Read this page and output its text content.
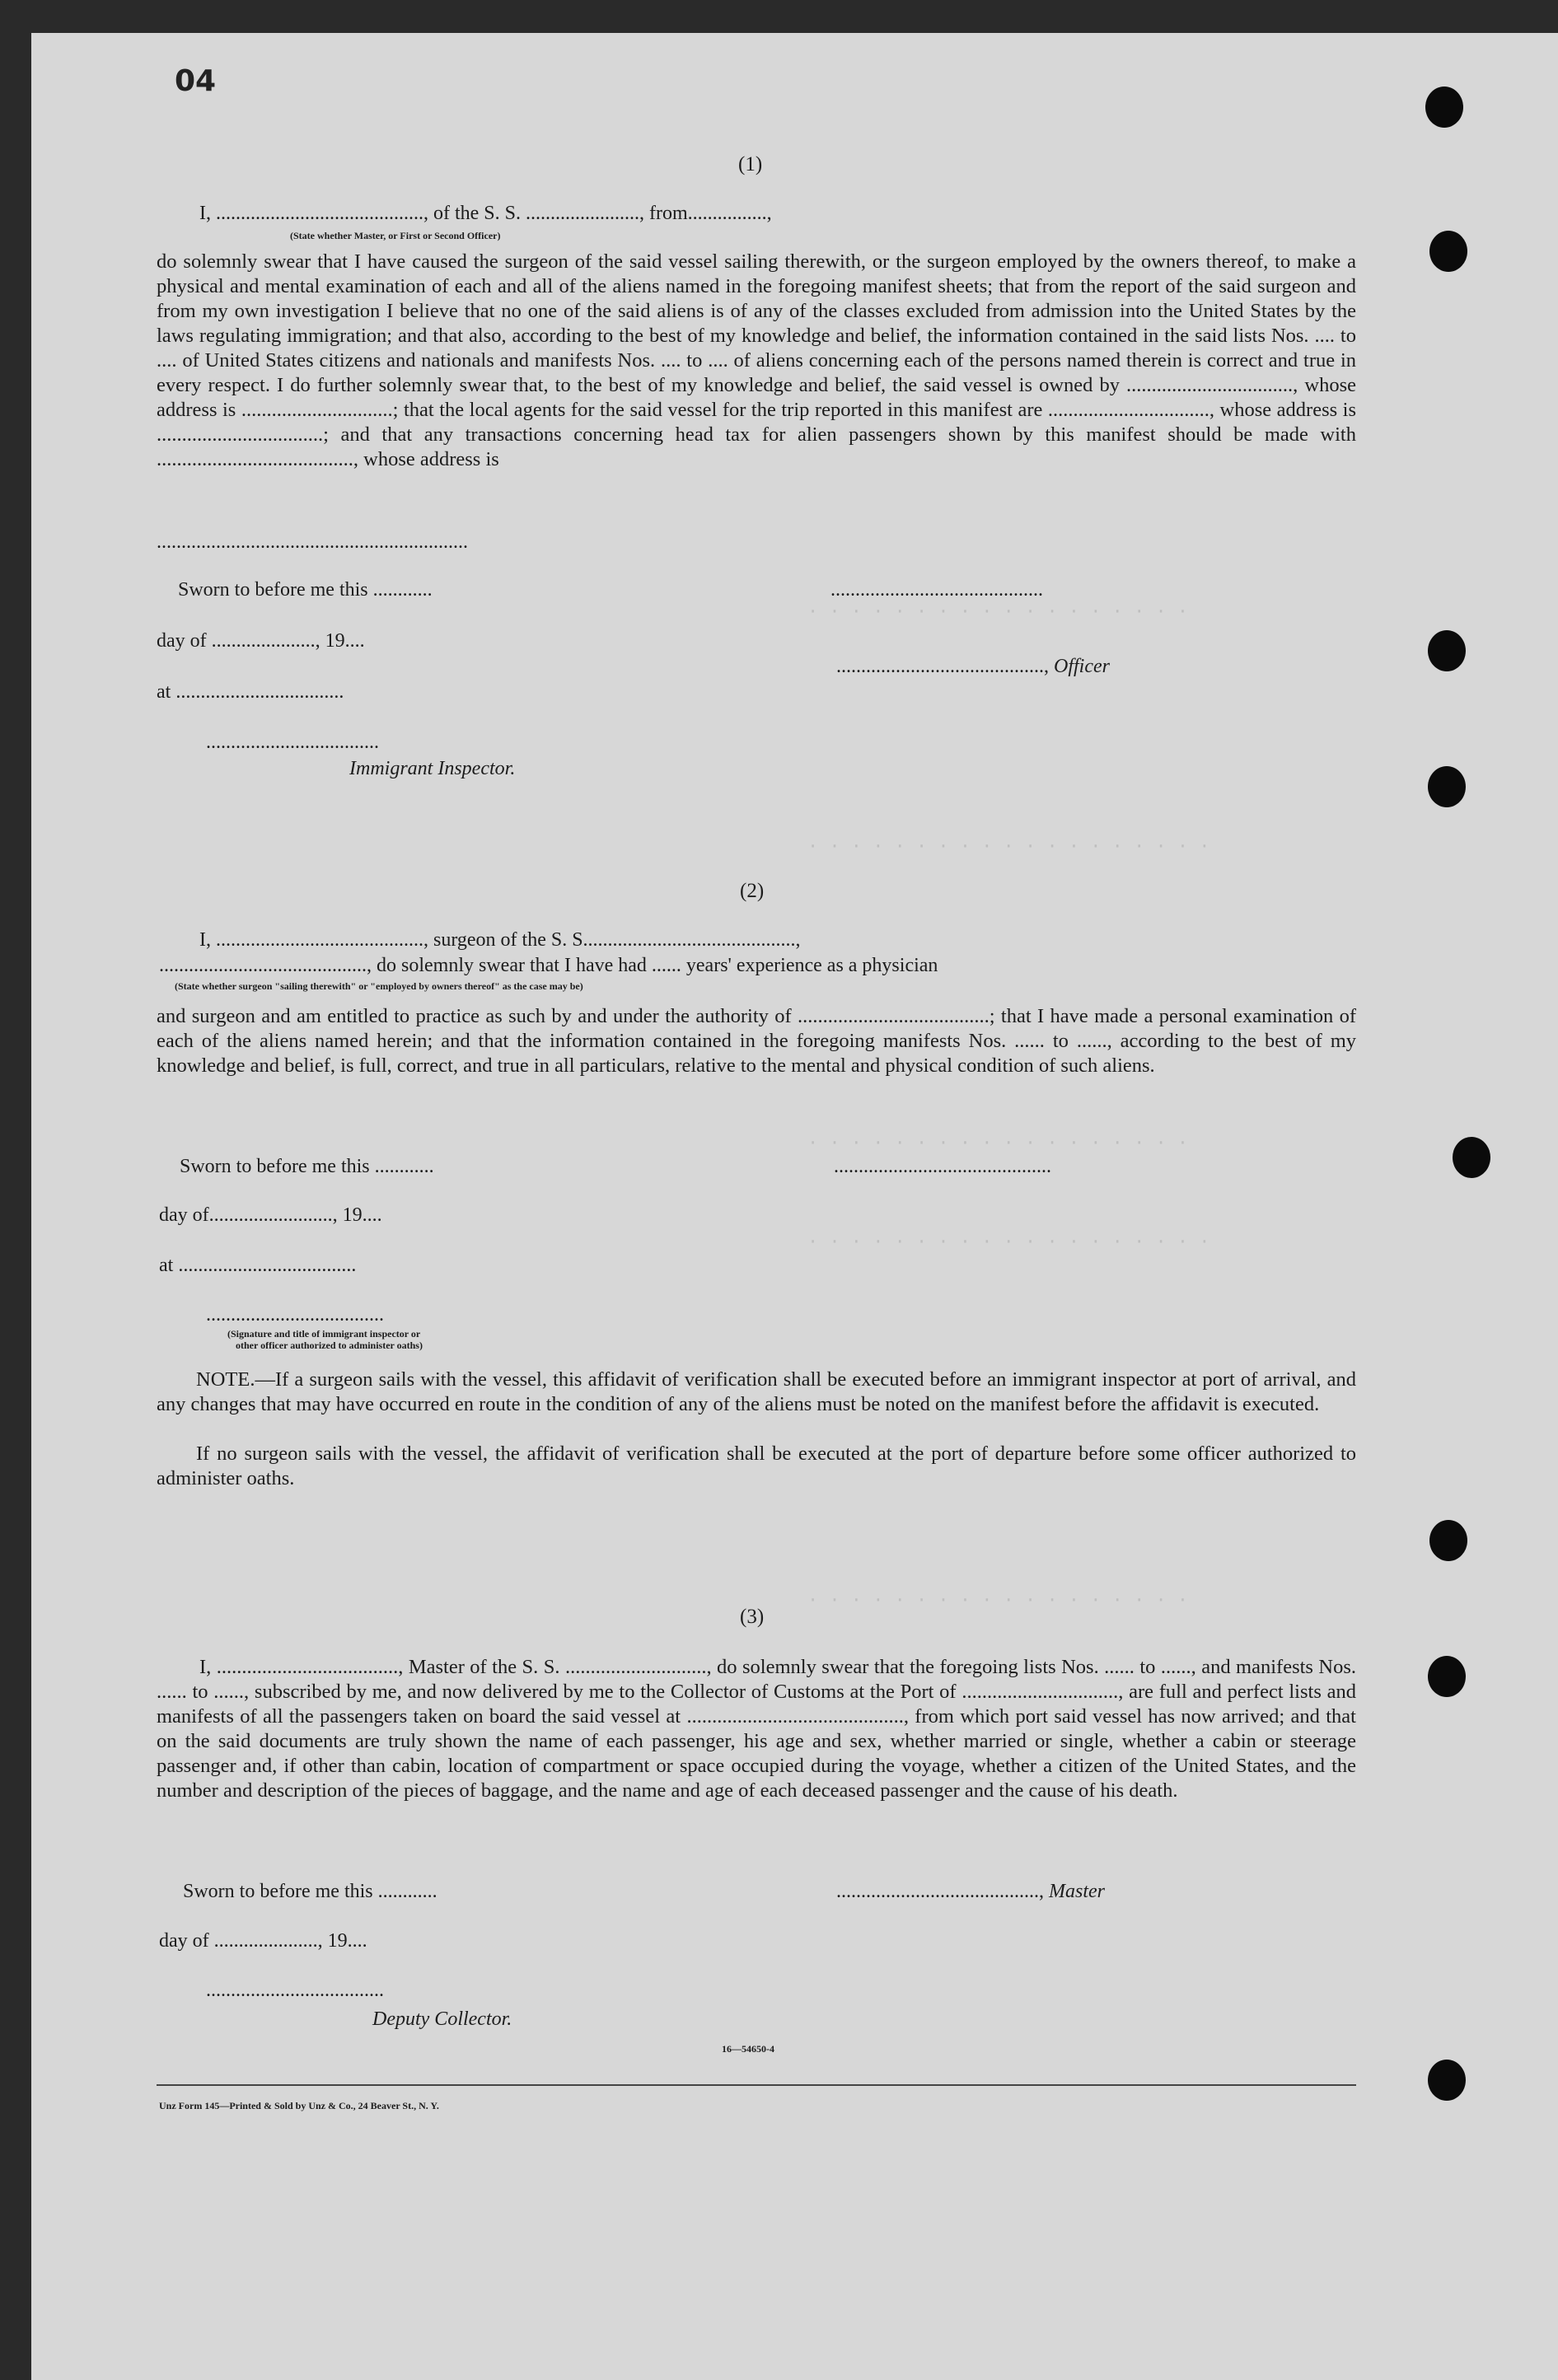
· · · · · · · · · · · · · · · · · ·
· · · · · · · · · · · · · · · · · · ·
· · · · · · · · · · · · · · · · · ·
· · · · · · · · · · · · · · · · · · ·
· · · · · · · · · · · · · · · · · ·
04
(1)
I, .........................................., of the S. S. ......................., from................,
(State whether Master, or First or Second Officer)

do solemnly swear that I have caused the surgeon of the said vessel sailing therewith, or the surgeon employed by the owners thereof, to make a physical and mental examination of each and all of the aliens named in the foregoing manifest sheets; that from the report of the said surgeon and from my own investigation I believe that no one of the said aliens is of any of the classes excluded from admission into the United States by the laws regulating immigration; and that also, according to the best of my knowledge and belief, the information contained in the said lists Nos. .... to .... of United States citizens and nationals and manifests Nos. .... to .... of aliens concerning each of the persons named therein is correct and true in every respect. I do further solemnly swear that, to the best of my knowledge and belief, the said vessel is owned by ................................., whose address is ..............................; that the local agents for the said vessel for the trip reported in this manifest are ................................, whose address is .................................; and that any transactions concerning head tax for alien passengers shown by this manifest should be made with ......................................., whose address is

...............................................................
Sworn to before me this ............	...........................................
day of ....................., 19....
.........................................., Officer
at ..................................
...................................
Immigrant Inspector.
(2)
I, .........................................., surgeon of the S. S...........................................,
.........................................., do solemnly swear that I have had ...... years' experience as a physician
(State whether surgeon "sailing therewith" or "employed by owners thereof" as the case may be)

and surgeon and am entitled to practice as such by and under the authority of ......................................; that I have made a personal examination of each of the aliens named herein; and that the information contained in the foregoing manifests Nos. ...... to ......, according to the best of my knowledge and belief, is full, correct, and true in all particulars, relative to the mental and physical condition of such aliens.

Sworn to before me this ............	............................................
day of........................., 19....
at ....................................
....................................
(Signature and title of immigrant inspector or
other officer authorized to administer oaths)

NOTE.—If a surgeon sails with the vessel, this affidavit of verification shall be executed before an immigrant inspector at port of arrival, and any changes that may have occurred en route in the condition of any of the aliens must be noted on the manifest before the affidavit is executed.

If no surgeon sails with the vessel, the affidavit of verification shall be executed at the port of departure before some officer authorized to administer oaths.

(3)

I, ...................................., Master of the S. S. ............................, do solemnly swear that the foregoing lists Nos. ...... to ......, and manifests Nos. ...... to ......, subscribed by me, and now delivered by me to the Collector of Customs at the Port of ..............................., are full and perfect lists and manifests of all the passengers taken on board the said vessel at ..........................................., from which port said vessel has now arrived; and that on the said documents are truly shown the name of each passenger, his age and sex, whether married or single, whether a cabin or steerage passenger and, if other than cabin, location of compartment or space occupied during the voyage, whether a citizen of the United States, and the number and description of the pieces of baggage, and the name and age of each deceased passenger and the cause of his death.

Sworn to before me this ............	........................................., Master
day of ....................., 19....
....................................
Deputy Collector.
16—54650-4
Unz Form 145—Printed & Sold by Unz & Co., 24 Beaver St., N. Y.
